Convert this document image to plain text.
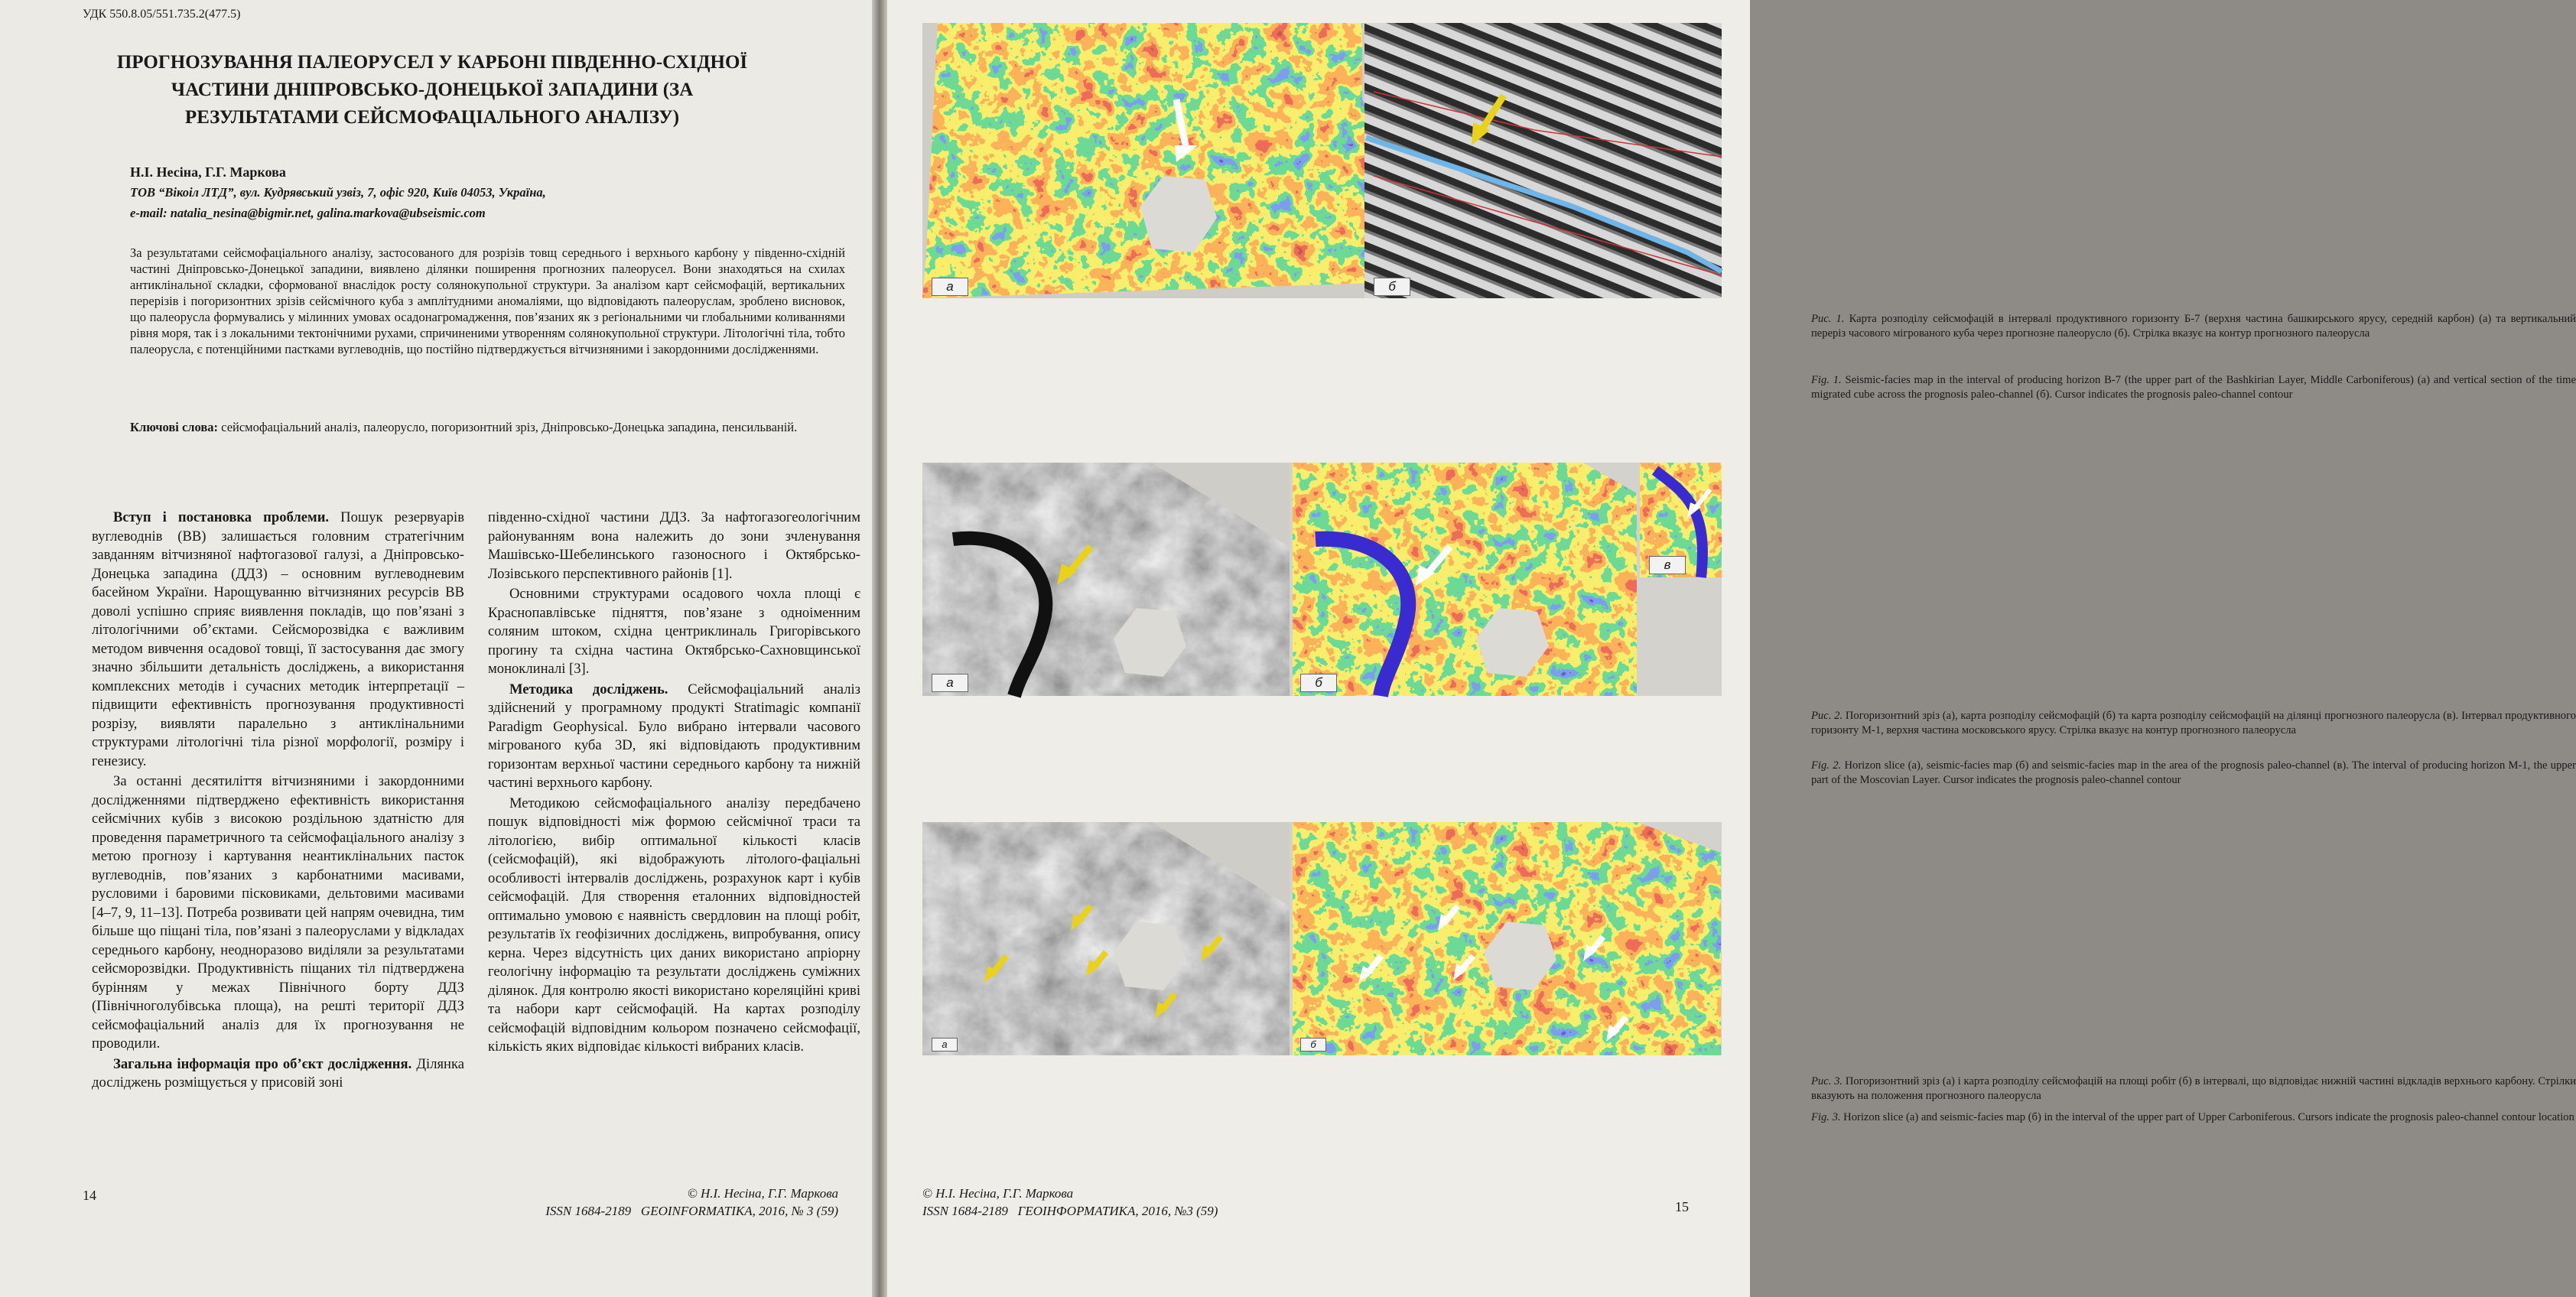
УДК 550.8.05/551.735.2(477.5)
ПРОГНОЗУВАННЯ ПАЛЕОРУСЕЛ У КАРБОНІ ПІВДЕННО-СХІДНОЇ ЧАСТИНИ ДНІПРОВСЬКО-ДОНЕЦЬКОЇ ЗАПАДИНИ (ЗА РЕЗУЛЬТАТАМИ СЕЙСМОФАЦІАЛЬНОГО АНАЛІЗУ)
Н.І. Несіна, Г.Г. Маркова
ТОВ “Вікоіл ЛТД”, вул. Кудрявський узвіз, 7, офіс 920, Київ 04053, Україна,
e-mail: natalia_nesina@bigmir.net, galina.markova@ubseismic.com

За результатами сейсмофаціального аналізу, застосованого для розрізів товщ середнього і верхнього карбону у південно-східній частині Дніпровсько-Донецької западини, виявлено ділянки поширення прогнозних палеорусел. Вони знаходяться на схилах антиклінальної складки, сформованої внаслідок росту солянокупольної структури. За аналізом карт сейсмофацій, вертикальних перерізів і погоризонтних зрізів сейсмічного куба з амплітудними аномаліями, що відповідають палеоруслам, зроблено висновок, що палеорусла формувались у мілинних умовах осадонагромадження, пов’язаних як з регіональними чи глобальними коливаннями рівня моря, так і з локальними тектонічними рухами, спричиненими утворенням солянокупольної структури. Літологічні тіла, тобто палеорусла, є потенційними пастками вуглеводнів, що постійно підтверджується вітчизняними і закордонними дослідженнями.

Ключові слова: сейсмофаціальний аналіз, палеорусло, погоризонтний зріз, Дніпровсько-Донецька западина, пенсильваній.

Вступ і постановка проблеми. Пошук резервуарів вуглеводнів (ВВ) залишається головним стратегічним завданням вітчизняної нафтогазової галузі, а Дніпровсько-Донецька западина (ДДЗ) – основним вуглеводневим басейном України. Нарощуванню вітчизняних ресурсів ВВ доволі успішно сприяє виявлення покладів, що пов’язані з літологічними об’єктами. Сейсморозвідка є важливим методом вивчення осадової товщі, її застосування дає змогу значно збільшити детальність досліджень, а використання комплексних методів і сучасних методик інтерпретації – підвищити ефективність прогнозування продуктивності розрізу, виявляти паралельно з антиклінальними структурами літологічні тіла різної морфології, розміру і генезису.

За останні десятиліття вітчизняними і закордонними дослідженнями підтверджено ефективність використання сейсмічних кубів з високою роздільною здатністю для проведення параметричного та сейсмофаціального аналізу з метою прогнозу і картування неантиклінальних пасток вуглеводнів, пов’язаних з карбонатними масивами, русловими і баровими пісковиками, дельтовими масивами [4–7, 9, 11–13]. Потреба розвивати цей напрям очевидна, тим більше що піщані тіла, пов’язані з палеоруслами у відкладах середнього карбону, неодноразово виділяли за результатами сейсморозвідки. Продуктивність піщаних тіл підтверджена бурінням у межах Північного борту ДДЗ (Північноголубівська площа), на решті території ДДЗ сейсмофаціальний аналіз для їх прогнозування не проводили.

Загальна інформація про об’єкт дослідження. Ділянка досліджень розміщується у присовій зоні

південно-східної частини ДДЗ. За нафтогазогеологічним районуванням вона належить до зони зчленування Машівсько-Шебелинського газоносного і Октябрсько-Лозівського перспективного районів [1].

Основними структурами осадового чохла площі є Краснопавлівське підняття, пов’язане з одноіменним соляним штоком, східна центриклиналь Григорівського прогину та східна частина Октябрсько-Сахновщинської моноклиналі [3].

Методика досліджень. Сейсмофаціальний аналіз здійснений у програмному продукті Stratimagic компанії Paradigm Geophysical. Було вибрано інтервали часового мігрованого куба 3D, які відповідають продуктивним горизонтам верхньої частини середнього карбону та нижній частині верхнього карбону.

Методикою сейсмофаціального аналізу передбачено пошук відповідності між формою сейсмічної траси та літологією, вибір оптимальної кількості класів (сейсмофацій), які відображують літолого-фаціальні особливості інтервалів досліджень, розрахунок карт і кубів сейсмофацій. Для створення еталонних відповідностей оптимально умовою є наявність свердловин на площі робіт, результатів їх геофізичних досліджень, випробування, опису керна. Через відсутність цих даних використано апріорну геологічну інформацію та результати досліджень суміжних ділянок. Для контролю якості використано кореляційні криві та набори карт сейсмофацій. На картах розподілу сейсмофацій відповідним кольором позначено сейсмофації, кількість яких відповідає кількості вибраних класів.

14	© Н.І. Несіна, Г.Г. Маркова
ISSN 1684-2189   GEOINFORMATIKA, 2016, № 3 (59)
а	б

Рис. 1. Карта розподілу сейсмофацій в інтервалі продуктивного горизонту Б-7 (верхня частина башкирського ярусу, середній карбон) (а) та вертикальний переріз часового мігрованого куба через прогнозне палеорусло (б). Стрілка вказує на контур прогнозного палеорусла

Fig. 1. Seismic-facies map in the interval of producing horizon B-7 (the upper part of the Bashkirian Layer, Middle Carboniferous) (а) and vertical section of the time migrated cube across the prognosis paleo-channel (б). Cursor indicates the prognosis paleo-channel contour

а	б
в

Рис. 2. Погоризонтний зріз (а), карта розподілу сейсмофацій (б) та карта розподілу сейсмофацій на ділянці прогнозного палеорусла (в). Інтервал продуктивного горизонту М-1, верхня частина московського ярусу. Стрілка вказує на контур прогнозного палеорусла

Fig. 2. Horizon slice (а), seismic-facies map (б) and seismic-facies map in the area of the prognosis paleo-channel (в). The interval of producing horizon M-1, the upper part of the Moscovian Layer. Cursor indicates the prognosis paleo-channel contour

а	б

Рис. 3. Погоризонтний зріз (а) і карта розподілу сейсмофацій на площі робіт (б) в інтервалі, що відповідає нижній частині відкладів верхнього карбону. Стрілки вказують на положення прогнозного палеорусла

Fig. 3. Horizon slice (а) and seismic-facies map (б) in the interval of the upper part of Upper Carboniferous. Cursors indicate the prognosis paleo-channel contour location

© Н.І. Несіна, Г.Г. Маркова
ISSN 1684-2189   ГЕОІНФОРМАТИКА, 2016, №3 (59)	15
